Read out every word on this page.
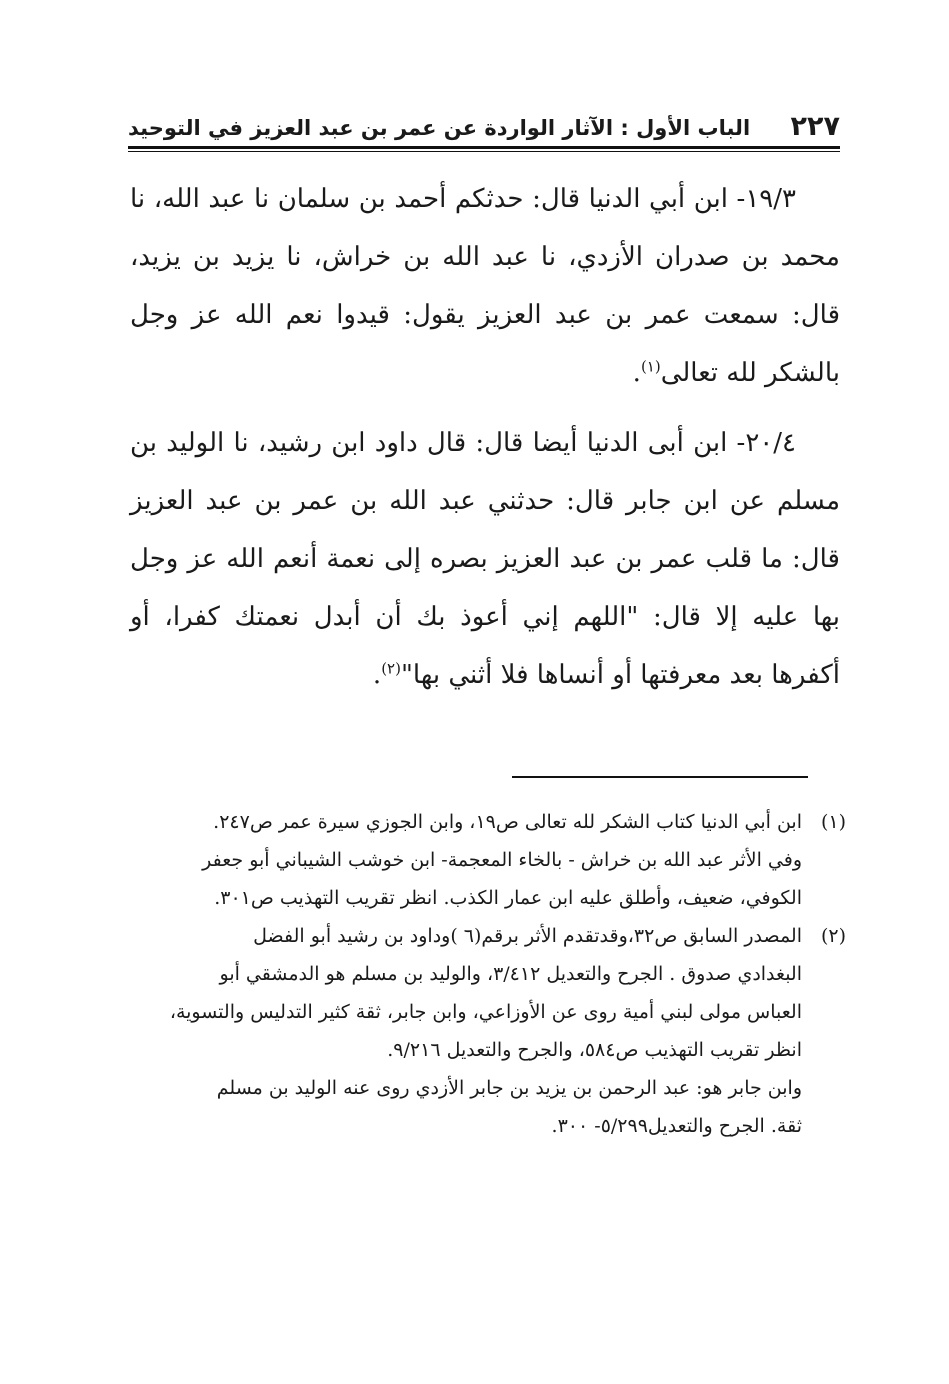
٢٢٧
الباب الأول : الآثار الواردة عن عمر بن عبد العزيز في التوحيد

١٩/٣- ابن أبي الدنيا قال: حدثكم أحمد بن سلمان نا عبد الله، نا محمد بن صدران الأزدي، نا عبد الله بن خراش، نا يزيد بن يزيد، قال: سمعت عمر بن عبد العزيز يقول: قيدوا نعم الله عز وجل بالشكر لله تعالى$^{(١)}$.

٢٠/٤- ابن أبى الدنيا أيضا قال: قال داود ابن رشيد، نا الوليد بن مسلم عن ابن جابر قال: حدثني عبد الله بن عمر بن عبد العزيز قال: ما قلب عمر بن عبد العزيز بصره إلى نعمة أنعم الله عز وجل بها عليه إلا قال: "اللهم إني أعوذ بك أن أبدل نعمتك كفرا، أو أكفرها بعد معرفتها أو أنساها فلا أثني بها"$^{(٢)}$.

(١)
ابن أبي الدنيا كتاب الشكر لله تعالى ص١٩، وابن الجوزي سيرة عمر ص٢٤٧.
وفي الأثر عبد الله بن خراش - بالخاء المعجمة- ابن خوشب الشيباني أبو جعفر
الكوفي، ضعيف، وأطلق عليه ابن عمار الكذب. انظر تقريب التهذيب ص٣٠١.
(٢)
المصدر السابق ص٣٢،وقدتقدم الأثر برقم(٦ )وداود بن رشيد أبو الفضل
البغدادي صدوق . الجرح والتعديل ٣/٤١٢، والوليد بن مسلم هو الدمشقي أبو
العباس مولى لبني أمية روى عن الأوزاعي، وابن جابر، ثقة كثير التدليس والتسوية،
انظر تقريب التهذيب ص٥٨٤، والجرح والتعديل ٩/٢١٦.
وابن جابر هو: عبد الرحمن بن يزيد بن جابر الأزدي روى عنه الوليد بن مسلم
ثقة. الجرح والتعديل٥/٢٩٩- ٣٠٠.
